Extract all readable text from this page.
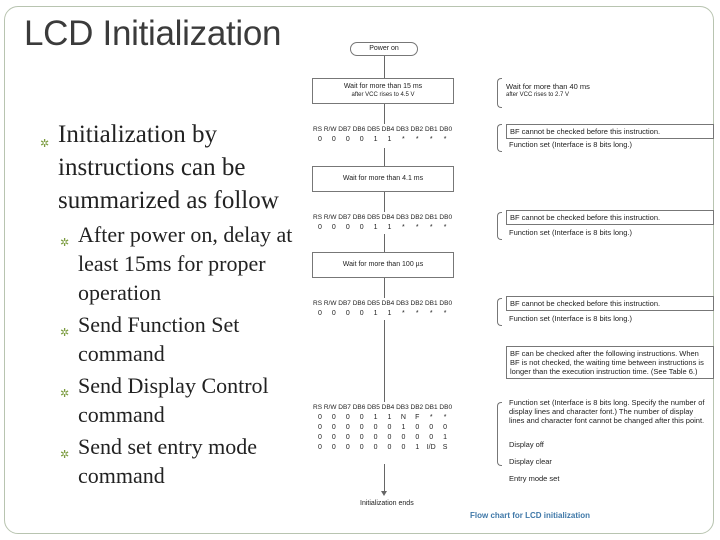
LCD Initialization
✲ Initialization by instructions can be summarized as follow
✲ After power on, delay at least 15ms for proper operation
✲ Send Function Set command
✲ Send Display Control command
✲ Send set entry mode command
Power on
Wait for more than 15 ms
after VCC rises to 4.5 V
Wait for more than 40 ms
after VCC rises to 2.7 V
RS R/W DB7 DB6 DB5 DB4 DB3 DB2 DB1 DB0
0	0	0	0	1	1	*	*	*	*
BF cannot be checked before this instruction.
Function set (Interface is 8 bits long.)
Wait for more than 4.1 ms
RS R/W DB7 DB6 DB5 DB4 DB3 DB2 DB1 DB0
0	0	0	0	1	1	*	*	*	*
BF cannot be checked before this instruction.
Function set (Interface is 8 bits long.)
Wait for more than 100 µs
RS R/W DB7 DB6 DB5 DB4 DB3 DB2 DB1 DB0
0	0	0	0	1	1	*	*	*	*
BF cannot be checked before this instruction.
Function set (Interface is 8 bits long.)
BF can be checked after the following instructions. When BF is not checked, the waiting time between instructions is longer than the execution instruction time. (See Table 6.)
RS R/W DB7 DB6 DB5 DB4 DB3 DB2 DB1 DB0									
0	0	0	0	1	1	N	F	*	*
0	0	0	0	0	0	1	0	0	0
0	0	0	0	0	0	0	0	0	1
0	0	0	0	0	0	0	1	I/D	S
Function set (Interface is 8 bits long. Specify the number of display lines and character font.) The number of display lines and character font cannot be changed after this point.
Display off
Display clear
Entry mode set
Initialization ends
Flow chart for LCD initialization
